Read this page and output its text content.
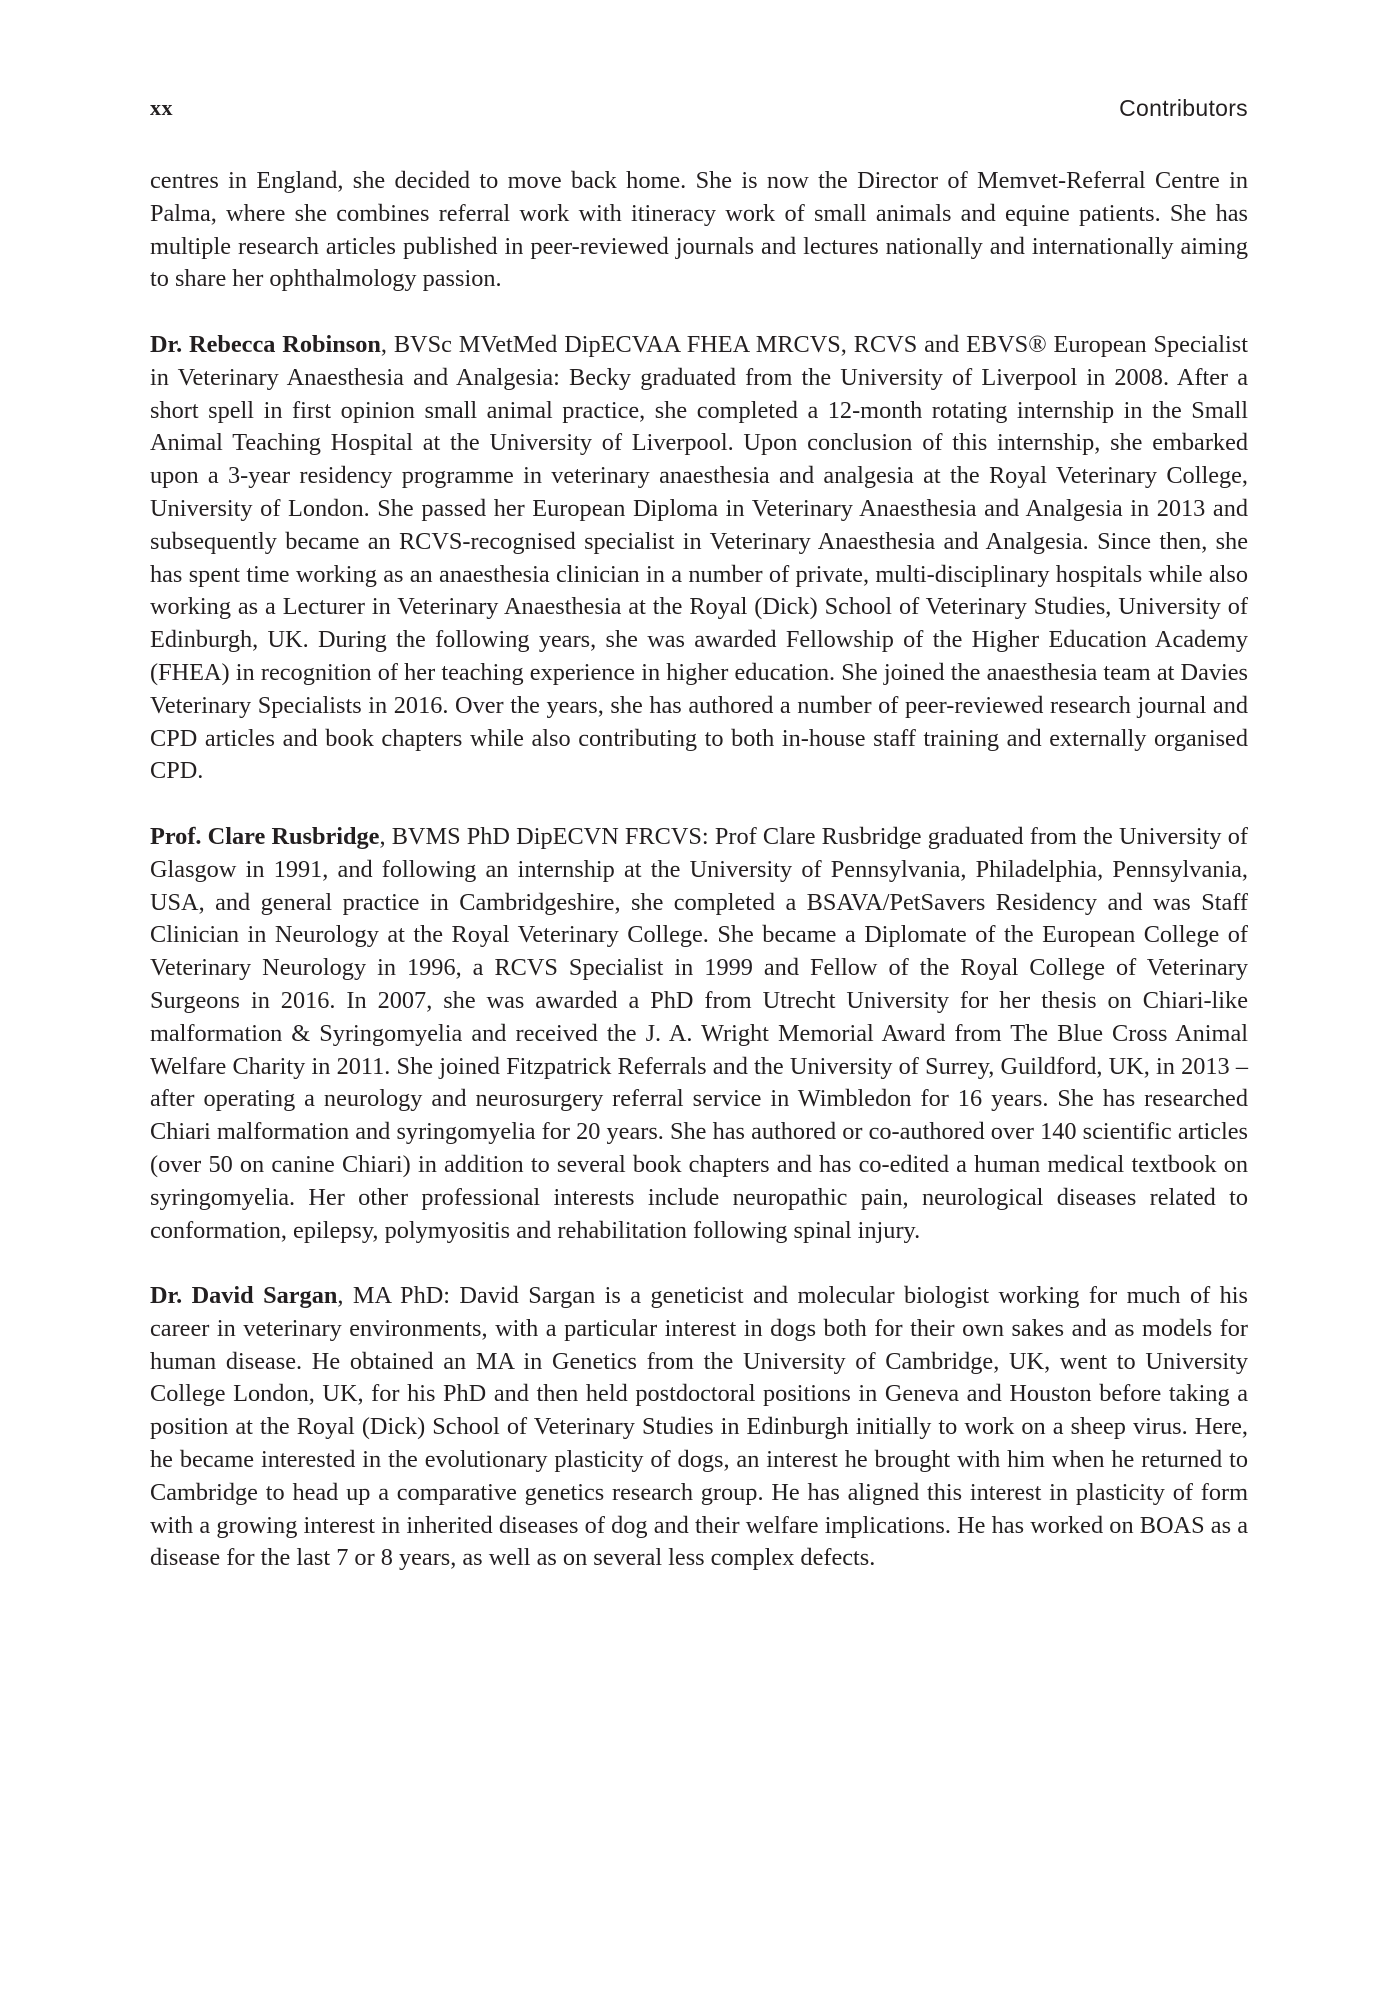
xx	Contributors

centres in England, she decided to move back home. She is now the Director of Memvet-Referral Centre in Palma, where she combines referral work with itineracy work of small animals and equine patients. She has multiple research articles published in peer-reviewed journals and lectures nationally and internationally aiming to share her ophthalmology passion.

Dr. Rebecca Robinson, BVSc MVetMed DipECVAA FHEA MRCVS, RCVS and EBVS® European Specialist in Veterinary Anaesthesia and Analgesia: Becky graduated from the University of Liverpool in 2008. After a short spell in first opinion small animal practice, she completed a 12-month rotating internship in the Small Animal Teaching Hospital at the University of Liverpool. Upon conclusion of this internship, she embarked upon a 3-year residency programme in veterinary anaesthesia and analgesia at the Royal Veterinary College, University of London. She passed her European Diploma in Veterinary Anaesthesia and Analgesia in 2013 and subsequently became an RCVS-recognised specialist in Veterinary Anaesthesia and Analgesia. Since then, she has spent time working as an anaesthesia clinician in a number of private, multi-disciplinary hospitals while also working as a Lecturer in Veterinary Anaesthesia at the Royal (Dick) School of Veterinary Studies, University of Edinburgh, UK. During the following years, she was awarded Fellowship of the Higher Education Academy (FHEA) in recognition of her teaching experience in higher education. She joined the anaesthesia team at Davies Veterinary Specialists in 2016. Over the years, she has authored a number of peer-reviewed research journal and CPD articles and book chapters while also contributing to both in-house staff training and externally organised CPD.

Prof. Clare Rusbridge, BVMS PhD DipECVN FRCVS: Prof Clare Rusbridge graduated from the University of Glasgow in 1991, and following an internship at the University of Pennsylvania, Philadelphia, Pennsylvania, USA, and general practice in Cambridgeshire, she completed a BSAVA/PetSavers Residency and was Staff Clinician in Neurology at the Royal Veterinary College. She became a Diplomate of the European College of Veterinary Neurology in 1996, a RCVS Specialist in 1999 and Fellow of the Royal College of Veterinary Surgeons in 2016. In 2007, she was awarded a PhD from Utrecht University for her thesis on Chiari-like malformation & Syringomyelia and received the J. A. Wright Memorial Award from The Blue Cross Animal Welfare Charity in 2011. She joined Fitzpatrick Referrals and the University of Surrey, Guildford, UK, in 2013 – after operating a neurology and neurosurgery referral service in Wimbledon for 16 years. She has researched Chiari malformation and syringomyelia for 20 years. She has authored or co-authored over 140 scientific articles (over 50 on canine Chiari) in addition to several book chapters and has co-edited a human medical textbook on syringomyelia. Her other professional interests include neuropathic pain, neurological diseases related to conformation, epilepsy, polymyositis and rehabilitation following spinal injury.

Dr. David Sargan, MA PhD: David Sargan is a geneticist and molecular biologist working for much of his career in veterinary environments, with a particular interest in dogs both for their own sakes and as models for human disease. He obtained an MA in Genetics from the University of Cambridge, UK, went to University College London, UK, for his PhD and then held postdoctoral positions in Geneva and Houston before taking a position at the Royal (Dick) School of Veterinary Studies in Edinburgh initially to work on a sheep virus. Here, he became interested in the evolutionary plasticity of dogs, an interest he brought with him when he returned to Cambridge to head up a comparative genetics research group. He has aligned this interest in plasticity of form with a growing interest in inherited diseases of dog and their welfare implications. He has worked on BOAS as a disease for the last 7 or 8 years, as well as on several less complex defects.
